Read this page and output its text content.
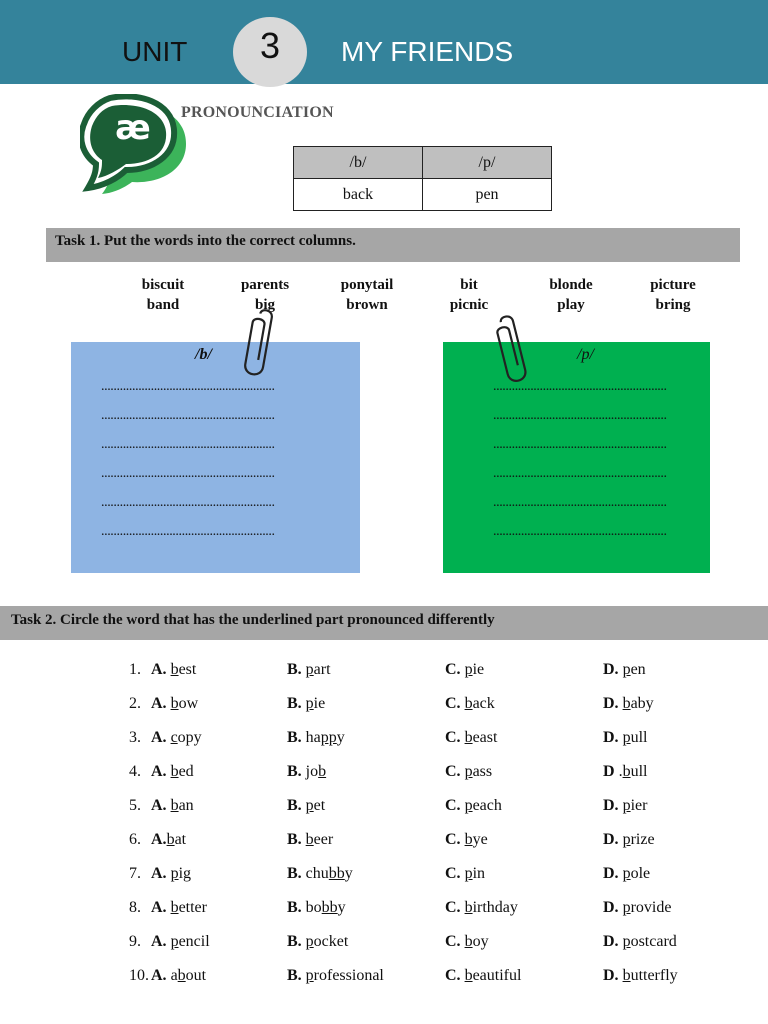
UNIT	3	MY FRIENDS
æ	PRONOUNCIATION
/b/	/p/
back	pen
Task 1. Put the words into the correct columns.
biscuit	parents	ponytail	bit	blonde	picture
band	big	brown	picnic	play	bring
/b/
........................................................
........................................................
........................................................
........................................................
........................................................
........................................................
/p/
........................................................
........................................................
........................................................
........................................................
........................................................
........................................................
Task 2. Circle the word that has the underlined part pronounced differently
1. A. best	B. part	C. pie	D. pen
2. A. bow	B. pie	C. back	D. baby
3. A. copy	B. happy	C. beast	D. pull
4. A. bed	B. job	C. pass	D .bull
5. A. ban	B. pet	C. peach	D. pier
6. A.bat	B. beer	C. bye	D. prize
7. A. pig	B. chubby	C. pin	D. pole
8. A. better	B. bobby	C. birthday	D. provide
9. A. pencil	B. pocket	C. boy	D. postcard
10. A. about	B. professional	C. beautiful	D. butterfly
